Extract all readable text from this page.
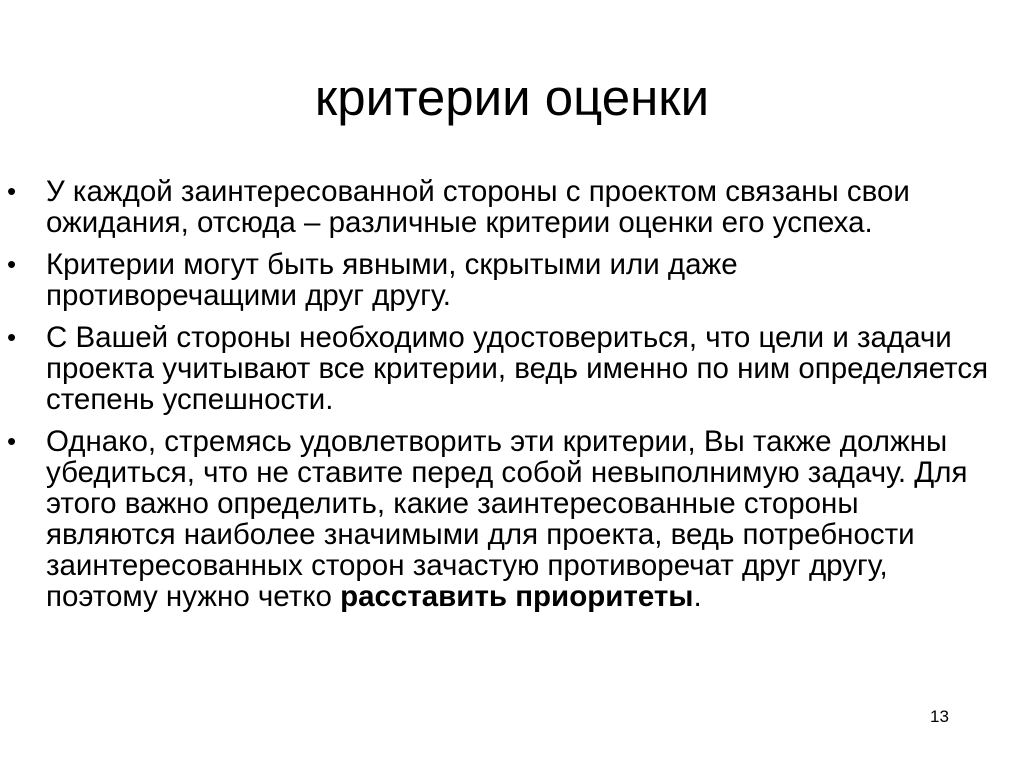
критерии оценки
• У каждой заинтересованной стороны с проектом связаны свои ожидания, отсюда – различные критерии оценки его успеха.
• Критерии могут быть явными, скрытыми или даже противоречащими друг другу.
• С Вашей стороны необходимо удостовериться, что цели и задачи проекта учитывают все критерии, ведь именно по ним определяется степень успешности.
• Однако, стремясь удовлетворить эти критерии, Вы также должны убедиться, что не ставите перед собой невыполнимую задачу. Для этого важно определить, какие заинтересованные стороны являются наиболее значимыми для проекта, ведь потребности заинтересованных сторон зачастую противоречат друг другу, поэтому нужно четко расставить приоритеты.
13
